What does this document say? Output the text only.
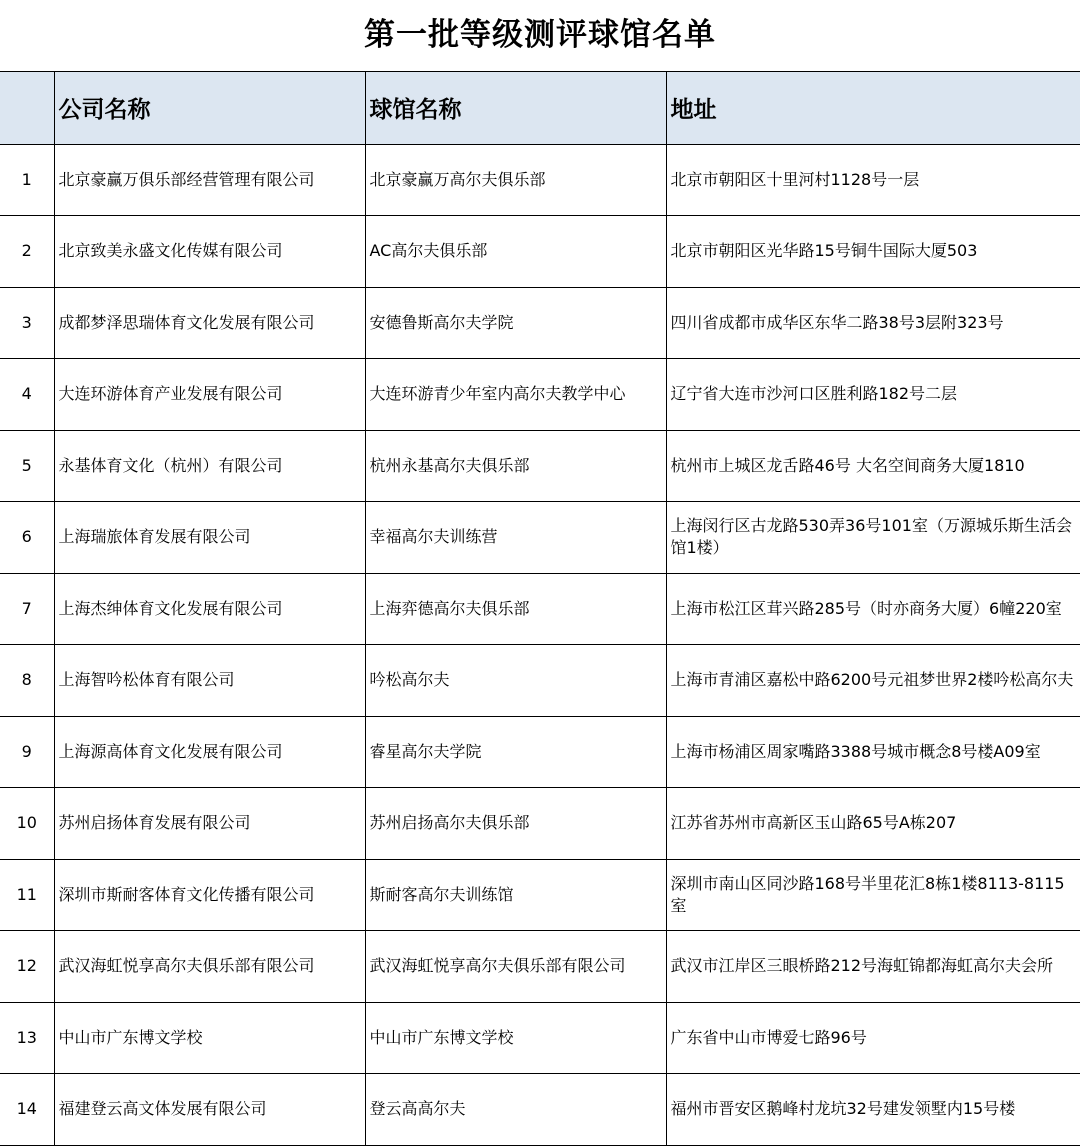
第一批等级测评球馆名单
	公司名称	球馆名称	地址
1	北京豪赢万俱乐部经营管理有限公司	北京豪赢万高尔夫俱乐部	北京市朝阳区十里河村1128号一层
2	北京致美永盛文化传媒有限公司	AC高尔夫俱乐部	北京市朝阳区光华路15号铜牛国际大厦503
3	成都梦泽思瑞体育文化发展有限公司	安德鲁斯高尔夫学院	四川省成都市成华区东华二路38号3层附323号
4	大连环游体育产业发展有限公司	大连环游青少年室内高尔夫教学中心	辽宁省大连市沙河口区胜利路182号二层
5	永基体育文化（杭州）有限公司	杭州永基高尔夫俱乐部	杭州市上城区龙舌路46号 大名空间商务大厦1810
6	上海瑞旅体育发展有限公司	幸福高尔夫训练营	上海闵行区古龙路530弄36号101室（万源城乐斯生活会馆1楼）
7	上海杰绅体育文化发展有限公司	上海弈德高尔夫俱乐部	上海市松江区茸兴路285号（时亦商务大厦）6幢220室
8	上海智吟松体育有限公司	吟松高尔夫	上海市青浦区嘉松中路6200号元祖梦世界2楼吟松高尔夫
9	上海源高体育文化发展有限公司	睿星高尔夫学院	上海市杨浦区周家嘴路3388号城市概念8号楼A09室
10	苏州启扬体育发展有限公司	苏州启扬高尔夫俱乐部	江苏省苏州市高新区玉山路65号A栋207
11	深圳市斯耐客体育文化传播有限公司	斯耐客高尔夫训练馆	深圳市南山区同沙路168号半里花汇8栋1楼8113-8115 室
12	武汉海虹悦享高尔夫俱乐部有限公司	武汉海虹悦享高尔夫俱乐部有限公司	武汉市江岸区三眼桥路212号海虹锦都海虹高尔夫会所
13	中山市广东博文学校	中山市广东博文学校	广东省中山市博爱七路96号
14	福建登云高文体发展有限公司	登云高高尔夫	福州市晋安区鹅峰村龙坑32号建发领墅内15号楼
